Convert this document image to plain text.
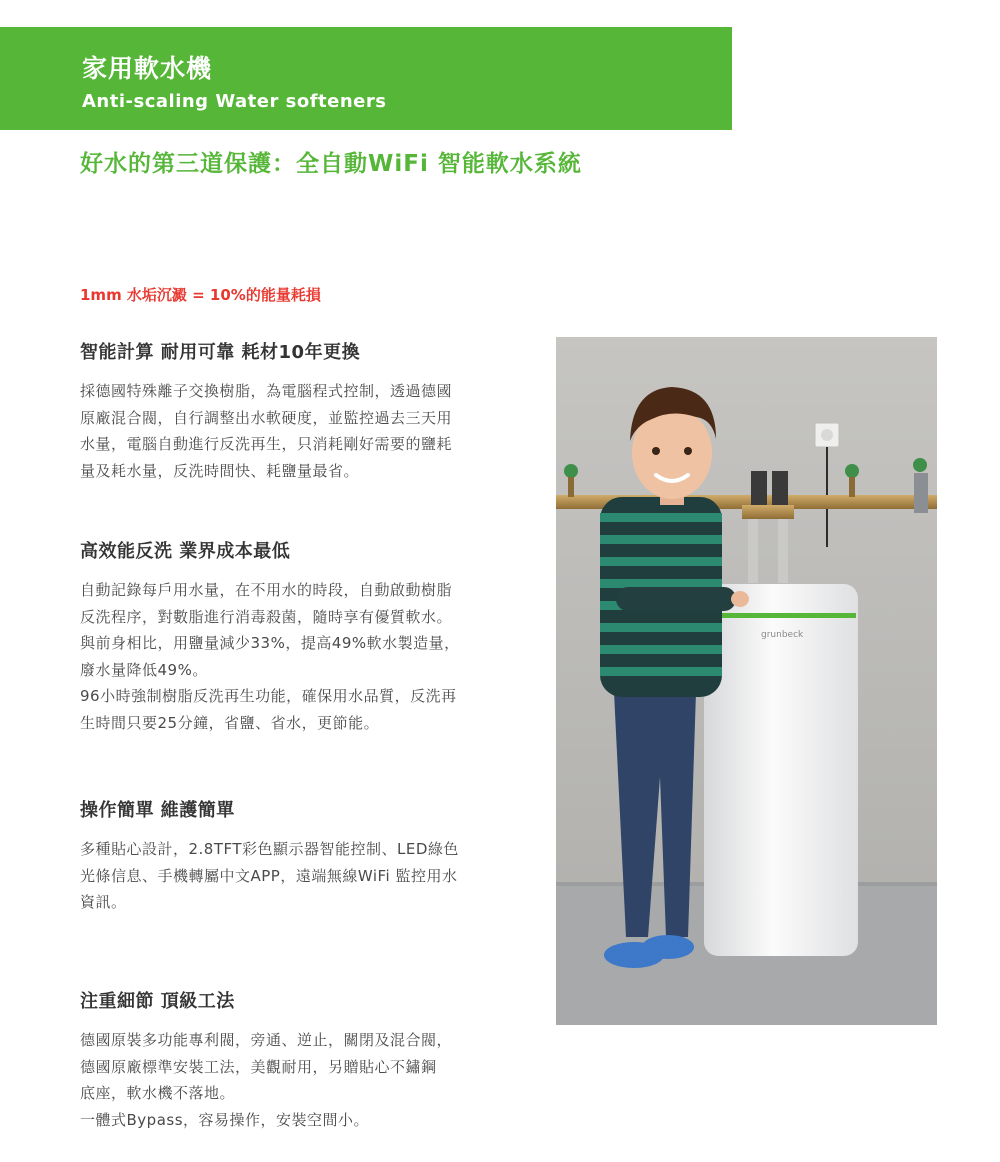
家用軟水機
Anti-scaling Water softeners
好水的第三道保護：全自動WiFi 智能軟水系統

1mm 水垢沉澱 = 10%的能量耗損

智能計算 耐用可靠 耗材10年更換

採德國特殊離子交換樹脂，為電腦程式控制，透過德國
原廠混合閥，自行調整出水軟硬度，並監控過去三天用
水量，電腦自動進行反洗再生，只消耗剛好需要的鹽耗
量及耗水量，反洗時間快、耗鹽量最省。

高效能反洗 業界成本最低

自動記錄每戶用水量，在不用水的時段，自動啟動樹脂
反洗程序，對數脂進行消毒殺菌，隨時享有優質軟水。
與前身相比，用鹽量減少33%，提高49%軟水製造量，
廢水量降低49%。
96小時強制樹脂反洗再生功能，確保用水品質，反洗再
生時間只要25分鐘，省鹽、省水，更節能。

操作簡單 維護簡單

多種貼心設計，2.8TFT彩色顯示器智能控制、LED綠色
光條信息、手機轉屬中文APP，遠端無線WiFi 監控用水
資訊。

注重細節 頂級工法

德國原裝多功能專利閥，旁通、逆止，關閉及混合閥，
德國原廠標準安裝工法，美觀耐用，另贈貼心不鏽鋼
底座，軟水機不落地。
一體式Bypass，容易操作，安裝空間小。

grunbeck
